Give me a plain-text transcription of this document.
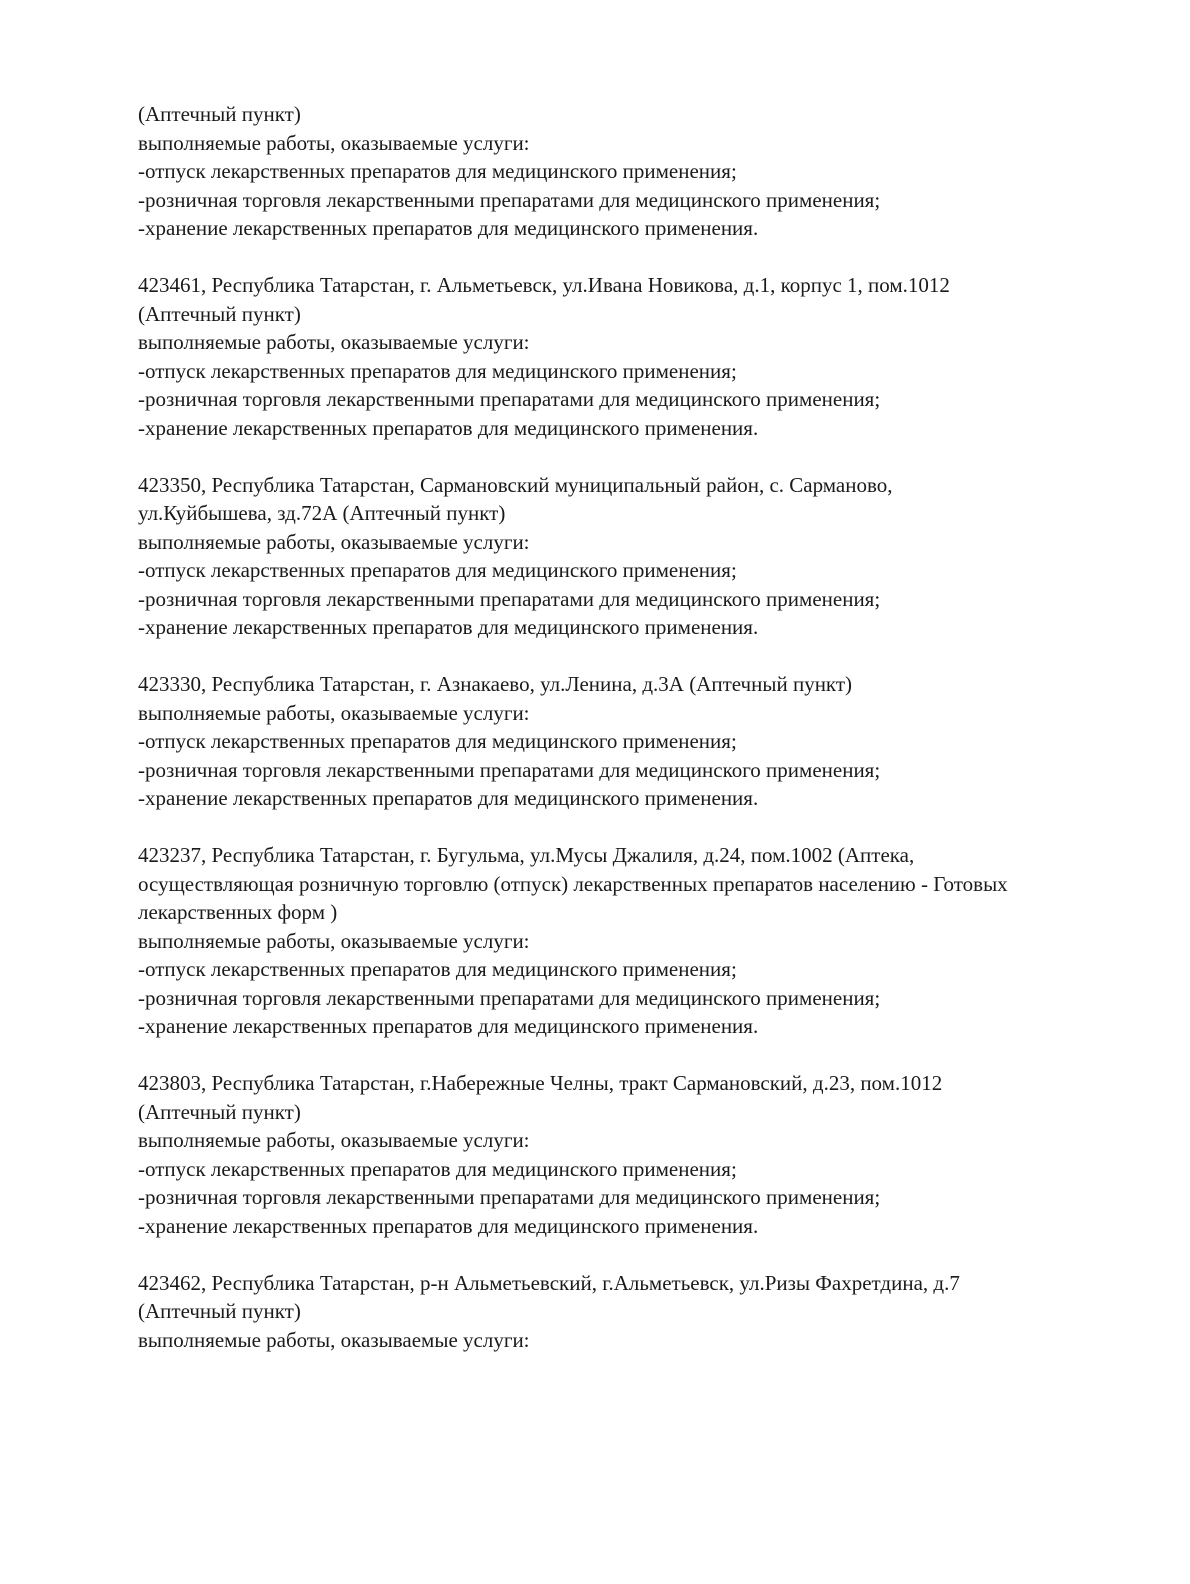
(Аптечный пункт)
выполняемые работы, оказываемые услуги:
-отпуск лекарственных препаратов для медицинского применения;
-розничная торговля лекарственными препаратами для медицинского применения;
-хранение лекарственных препаратов для медицинского применения.
423461, Республика Татарстан, г. Альметьевск, ул.Ивана Новикова, д.1, корпус 1, пом.1012
(Аптечный пункт)
выполняемые работы, оказываемые услуги:
-отпуск лекарственных препаратов для медицинского применения;
-розничная торговля лекарственными препаратами для медицинского применения;
-хранение лекарственных препаратов для медицинского применения.
423350, Республика Татарстан, Сармановский муниципальный район, с. Сарманово,
ул.Куйбышева, зд.72А (Аптечный пункт)
выполняемые работы, оказываемые услуги:
-отпуск лекарственных препаратов для медицинского применения;
-розничная торговля лекарственными препаратами для медицинского применения;
-хранение лекарственных препаратов для медицинского применения.
423330, Республика Татарстан, г. Азнакаево, ул.Ленина, д.3А (Аптечный пункт)
выполняемые работы, оказываемые услуги:
-отпуск лекарственных препаратов для медицинского применения;
-розничная торговля лекарственными препаратами для медицинского применения;
-хранение лекарственных препаратов для медицинского применения.
423237, Республика Татарстан, г. Бугульма, ул.Мусы Джалиля, д.24, пом.1002 (Аптека,
осуществляющая розничную торговлю (отпуск) лекарственных препаратов населению - Готовых
лекарственных форм )
выполняемые работы, оказываемые услуги:
-отпуск лекарственных препаратов для медицинского применения;
-розничная торговля лекарственными препаратами для медицинского применения;
-хранение лекарственных препаратов для медицинского применения.
423803, Республика Татарстан, г.Набережные Челны, тракт Сармановский, д.23, пом.1012
(Аптечный пункт)
выполняемые работы, оказываемые услуги:
-отпуск лекарственных препаратов для медицинского применения;
-розничная торговля лекарственными препаратами для медицинского применения;
-хранение лекарственных препаратов для медицинского применения.
423462, Республика Татарстан, р-н Альметьевский, г.Альметьевск, ул.Ризы Фахретдина, д.7
(Аптечный пункт)
выполняемые работы, оказываемые услуги:
